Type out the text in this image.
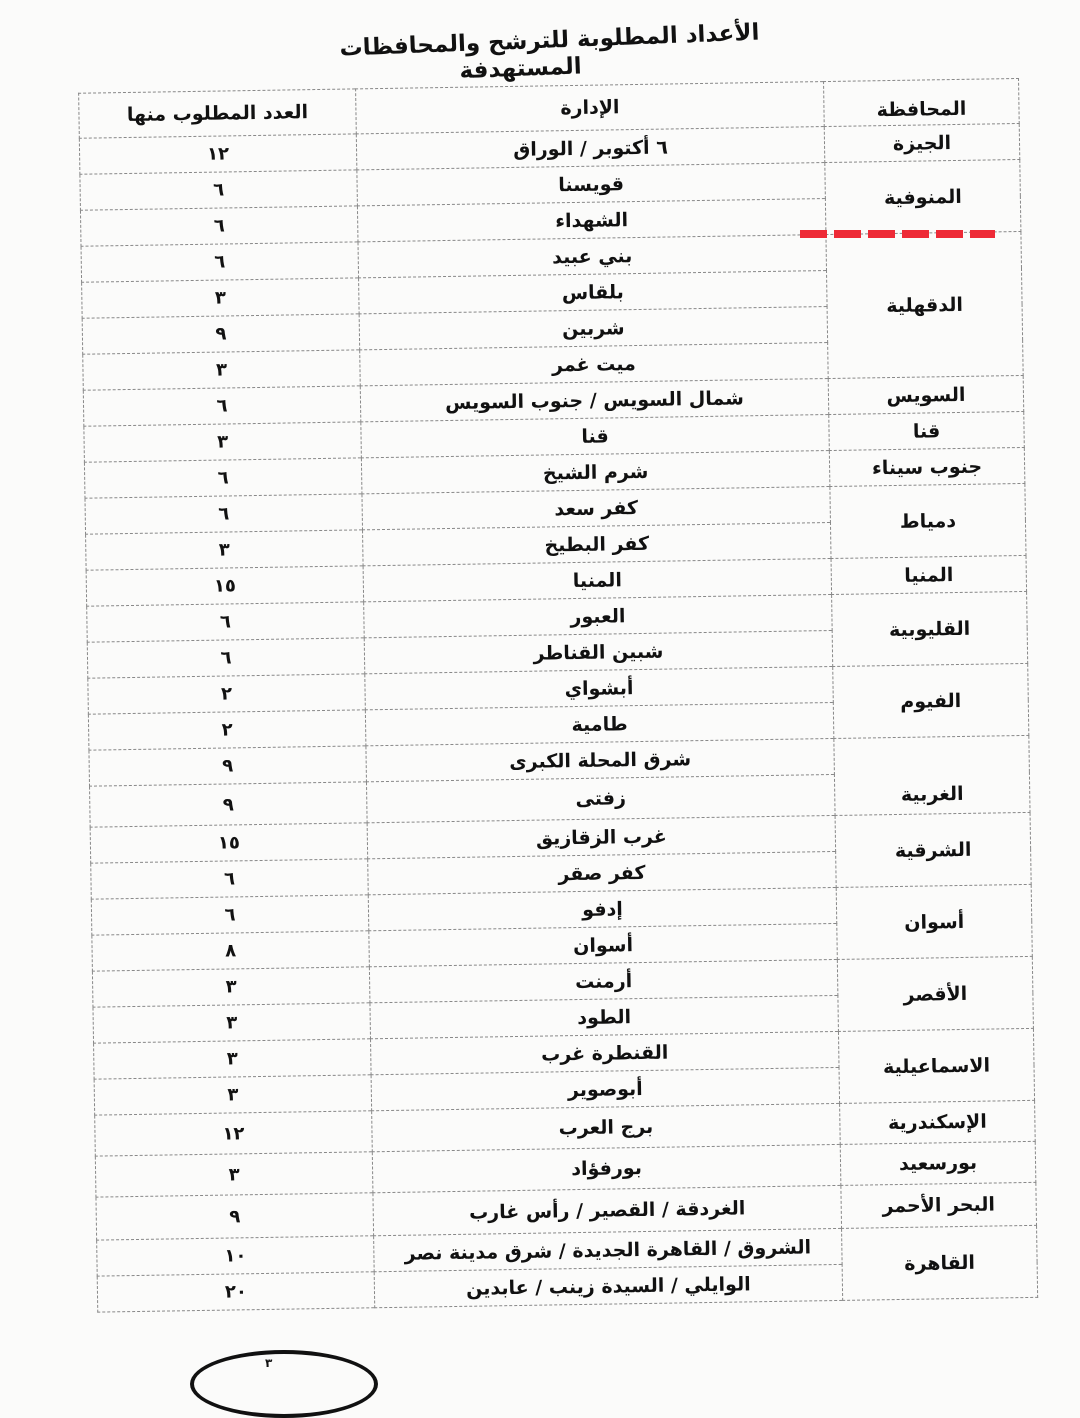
الأعداد المطلوبة للترشح والمحافظات
المستهدفة
المحافظة	الإدارة	العدد المطلوب منها
الجيزة	٦ أكتوبر / الوراق	١٢
المنوفية	قويسنا	٦
	الشهداء	٦
الدقهلية	بني عبيد	٦
	بلقاس	٣
	شربين	٩
	ميت غمر	٣
السويس	شمال السويس / جنوب السويس	٦
قنا	قنا	٣
جنوب سيناء	شرم الشيخ	٦
دمياط	كفر سعد	٦
	كفر البطيخ	٣
المنيا	المنيا	١٥
القليوبية	العبور	٦
	شبين القناطر	٦
الفيوم	أبشواي	٢
	طامية	٢
الغربية	شرق المحلة الكبرى	٩
	زفتى	٩
الشرقية	غرب الزقازيق	١٥
	كفر صقر	٦
أسوان	إدفو	٦
	أسوان	٨
الأقصر	أرمنت	٣
	الطود	٣
الاسماعيلية	القنطرة غرب	٣
	أبوصوير	٣
الإسكندرية	برج العرب	١٢
بورسعيد	بورفؤاد	٣
البحر الأحمر	الغردقة / القصير / رأس غارب	٩
القاهرة	الشروق / القاهرة الجديدة / شرق مدينة نصر	١٠
	الوايلي / السيدة زينب / عابدين	٢٠
٣
